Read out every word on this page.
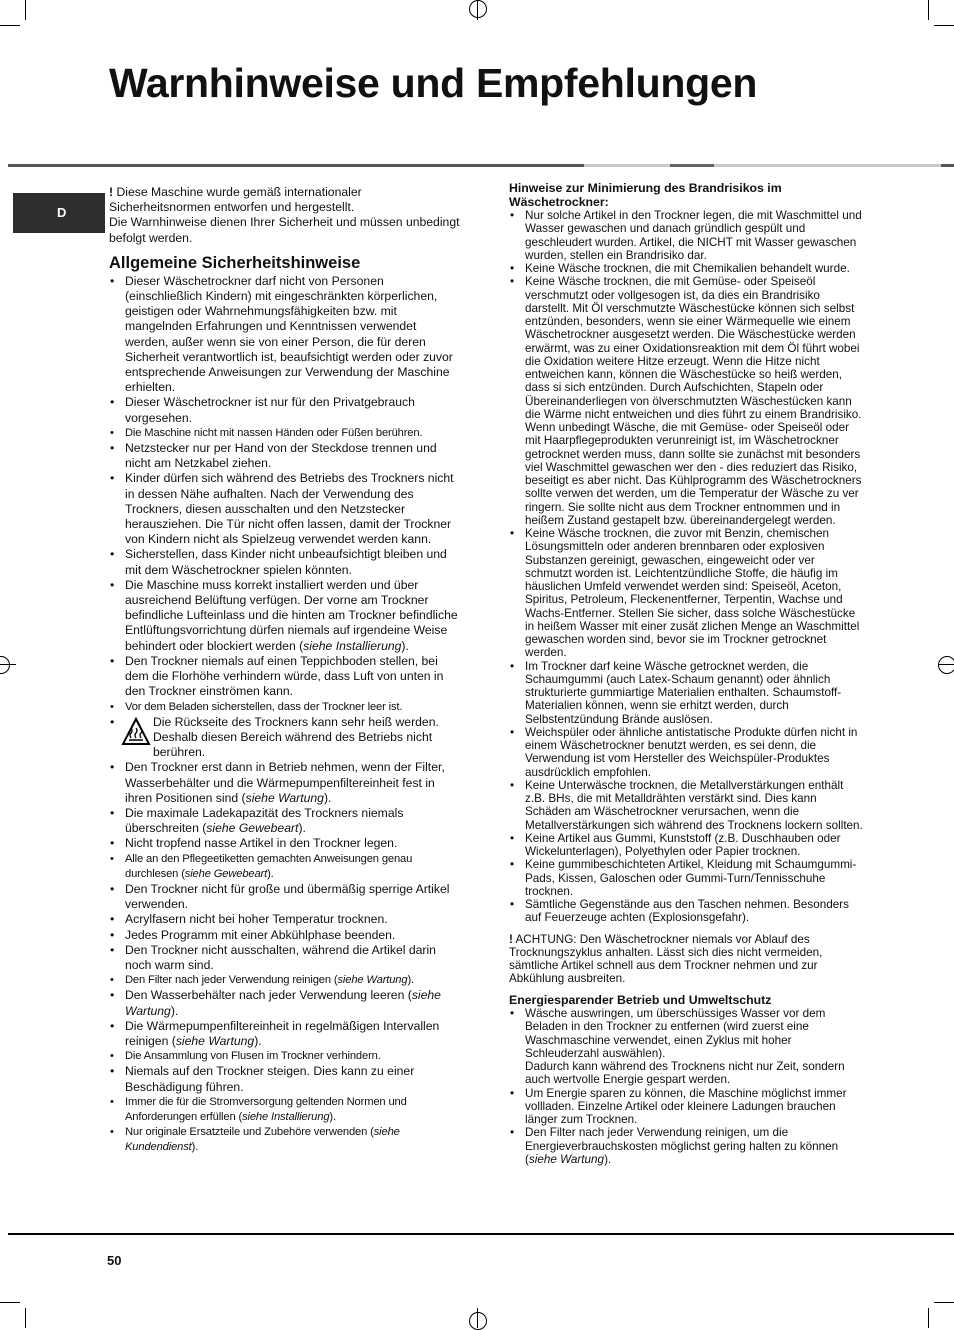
Warnhinweise und Empfehlungen
D

! Diese Maschine wurde gemäß internationaler Sicherheitsnormen entworfen und hergestellt.

Die Warnhinweise dienen Ihrer Sicherheit und müssen unbedingt befolgt werden.

Allgemeine Sicherheitshinweise
• Dieser Wäschetrockner darf nicht von Personen (einschließlich Kindern) mit eingeschränkten körperlichen, geistigen oder Wahrnehmungsfähigkeiten bzw. mit mangelnden Erfahrungen und Kenntnissen verwendet werden, außer wenn sie von einer Person, die für deren Sicherheit verantwortlich ist, beaufsichtigt werden oder zuvor entsprechende Anweisungen zur Verwendung der Maschine erhielten.
• Dieser Wäschetrockner ist nur für den Privatgebrauch vorgesehen.
• Die Maschine nicht mit nassen Händen oder Füßen berühren.
• Netzstecker nur per Hand von der Steckdose trennen und nicht am Netzkabel ziehen.
• Kinder dürfen sich während des Betriebs des Trockners nicht in dessen Nähe aufhalten. Nach der Verwendung des Trockners, diesen ausschalten und den Netzstecker herausziehen. Die Tür nicht offen lassen, damit der Trockner von Kindern nicht als Spielzeug verwendet werden kann.
• Sicherstellen, dass Kinder nicht unbeaufsichtigt bleiben und mit dem Wäschetrockner spielen könnten.
• Die Maschine muss korrekt installiert werden und über ausreichend Belüftung verfügen. Der vorne am Trockner befindliche Lufteinlass und die hinten am Trockner befindliche Entlüftungsvorrichtung dürfen niemals auf irgendeine Weise behindert oder blockiert werden (siehe Installierung).
• Den Trockner niemals auf einen Teppichboden stellen, bei dem die Florhöhe verhindern würde, dass Luft von unten in den Trockner einströmen kann.
• Vor dem Beladen sicherstellen, dass der Trockner leer ist.
• Die Rückseite des Trockners kann sehr heiß werden. Deshalb diesen Bereich während des Betriebs nicht berühren.
• Den Trockner erst dann in Betrieb nehmen, wenn der Filter, Wasserbehälter und die Wärmepumpenfiltereinheit fest in ihren Positionen sind (siehe Wartung).
• Die maximale Ladekapazität des Trockners niemals überschreiten (siehe Gewebeart).
• Nicht tropfend nasse Artikel in den Trockner legen.
• Alle an den Pflegeetiketten gemachten Anweisungen genau durchlesen (siehe Gewebeart).
• Den Trockner nicht für große und übermäßig sperrige Artikel verwenden.
• Acrylfasern nicht bei hoher Temperatur trocknen.
• Jedes Programm mit einer Abkühlphase beenden.
• Den Trockner nicht ausschalten, während die Artikel darin noch warm sind.
• Den Filter nach jeder Verwendung reinigen (siehe Wartung).
• Den Wasserbehälter nach jeder Verwendung leeren (siehe Wartung).
• Die Wärmepumpenfiltereinheit in regelmäßigen Intervallen reinigen (siehe Wartung).
• Die Ansammlung von Flusen im Trockner verhindern.
• Niemals auf den Trockner steigen. Dies kann zu einer Beschädigung führen.
• Immer die für die Stromversorgung geltenden Normen und Anforderungen erfüllen (siehe Installierung).
• Nur originale Ersatzteile und Zubehöre verwenden (siehe Kundendienst).
Hinweise zur Minimierung des Brandrisikos im Wäschetrockner:
• Nur solche Artikel in den Trockner legen, die mit Waschmittel und Wasser gewaschen und danach gründlich gespült und geschleudert wurden. Artikel, die NICHT mit Wasser gewaschen wurden, stellen ein Brandrisiko dar.
• Keine Wäsche trocknen, die mit Chemikalien behandelt wurde.
• Keine Wäsche trocknen, die mit Gemüse- oder Speiseöl verschmutzt oder vollgesogen ist, da dies ein Brandrisiko darstellt. Mit Öl verschmutzte Wäschestücke können sich selbst entzünden, besonders, wenn sie einer Wärmequelle wie einem Wäschetrockner ausgesetzt werden. Die Wäschestücke werden erwärmt, was zu einer Oxidationsreaktion mit dem Öl führt wobei die Oxidation weitere Hitze erzeugt. Wenn die Hitze nicht entweichen kann, können die Wäschestücke so heiß werden, dass si sich entzünden. Durch Aufschichten, Stapeln oder Übereinanderliegen von ölverschmutzten Wäschestücken kann die Wärme nicht entweichen und dies führt zu einem Brandrisiko.
Wenn unbedingt Wäsche, die mit Gemüse- oder Speiseöl oder mit Haarpflegeprodukten verunreinigt ist, im Wäschetrockner getrocknet werden muss, dann sollte sie zunächst mit besonders viel Waschmittel gewaschen wer den - dies reduziert das Risiko, beseitigt es aber nicht. Das Kühlprogramm des Wäschetrockners sollte verwen det werden, um die Temperatur der Wäsche zu ver ringern. Sie sollte nicht aus dem Trockner entnommen und in heißem Zustand gestapelt bzw. übereinandergelegt werden.
• Keine Wäsche trocknen, die zuvor mit Benzin, chemischen Lösungsmitteln oder anderen brennbaren oder explosiven Substanzen gereinigt, gewaschen, eingeweicht oder ver schmutzt worden ist. Leichtentzündliche Stoffe, die häufig im häuslichen Umfeld verwendet werden sind: Speiseöl, Aceton, Spiritus, Petroleum, Fleckenentferner, Terpentin, Wachse und Wachs-Entferner. Stellen Sie sicher, dass solche Wäschestücke in heißem Wasser mit einer zusät zlichen Menge an Waschmittel gewaschen worden sind, bevor sie im Trockner getrocknet werden.
• Im Trockner darf keine Wäsche getrocknet werden, die Schaumgummi (auch Latex-Schaum genannt) oder ähnlich strukturierte gummiartige Materialien enthalten. Schaumstoff-Materialien können, wenn sie erhitzt werden, durch Selbstentzündung Brände auslösen.
• Weichspüler oder ähnliche antistatische Produkte dürfen nicht in einem Wäschetrockner benutzt werden, es sei denn, die Verwendung ist vom Hersteller des Weichspüler-Produktes ausdrücklich empfohlen.
• Keine Unterwäsche trocknen, die Metallverstärkungen enthält z.B. BHs, die mit Metalldrähten verstärkt sind. Dies kann Schäden am Wäschetrockner verursachen, wenn die Metallverstärkungen sich während des Trocknens lockern sollten.
• Keine Artikel aus Gummi, Kunststoff (z.B. Duschhauben oder Wickelunterlagen), Polyethylen oder Papier trocknen.
• Keine gummibeschichteten Artikel, Kleidung mit Schaumgummi-Pads, Kissen, Galoschen oder Gummi-Turn/Tennisschuhe trocknen.
• Sämtliche Gegenstände aus den Taschen nehmen. Besonders auf Feuerzeuge achten (Explosionsgefahr).

! ACHTUNG: Den Wäschetrockner niemals vor Ablauf des Trocknungszyklus anhalten. Lässt sich dies nicht vermeiden, sämtliche Artikel schnell aus dem Trockner nehmen und zur Abkühlung ausbreiten.

Energiesparender Betrieb und Umweltschutz
• Wäsche auswringen, um überschüssiges Wasser vor dem Beladen in den Trockner zu entfernen (wird zuerst eine Waschmaschine verwendet, einen Zyklus mit hoher Schleuderzahl auswählen).
Dadurch kann während des Trocknens nicht nur Zeit, sondern auch wertvolle Energie gespart werden.
• Um Energie sparen zu können, die Maschine möglichst immer vollladen. Einzelne Artikel oder kleinere Ladungen brauchen länger zum Trocknen.
• Den Filter nach jeder Verwendung reinigen, um die Energieverbrauchskosten möglichst gering halten zu können (siehe Wartung).
50
